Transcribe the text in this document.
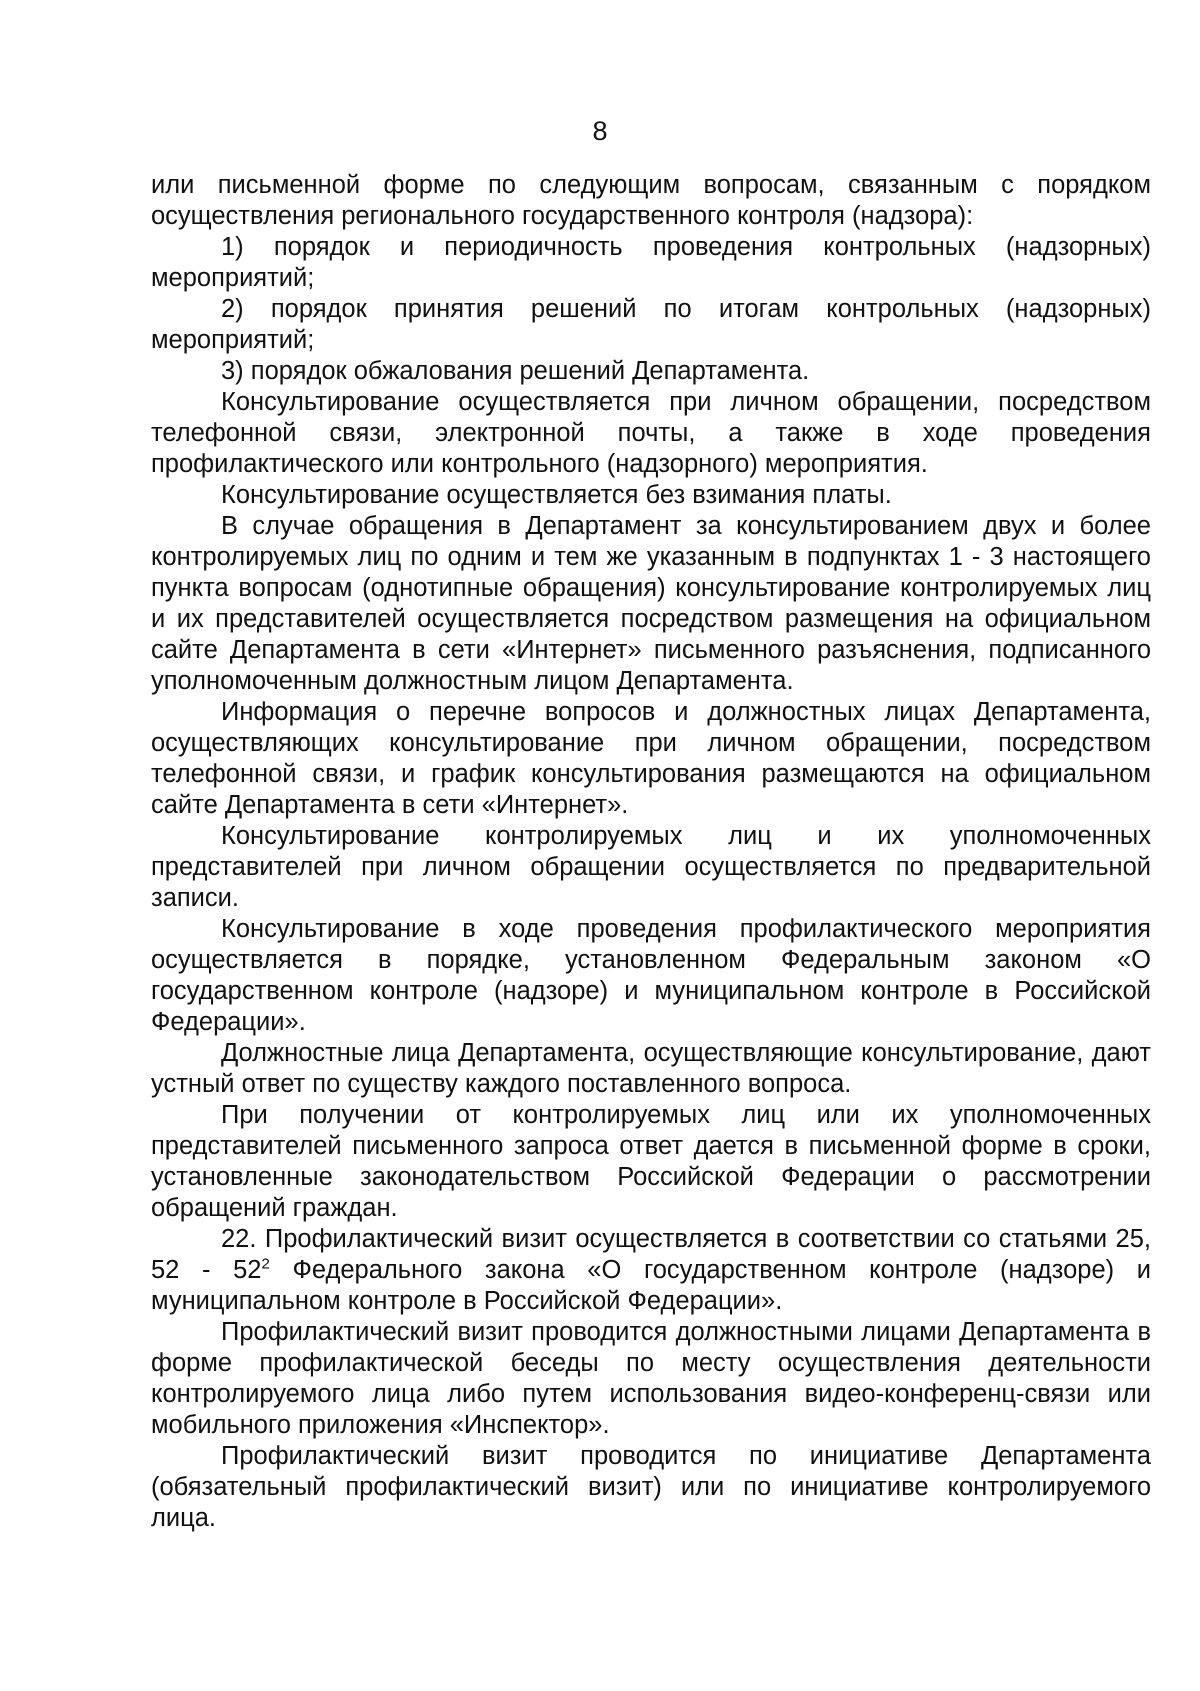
8

или письменной форме по следующим вопросам, связанным с порядком осуществления регионального государственного контроля (надзора):

1) порядок и периодичность проведения контрольных (надзорных) мероприятий;

2) порядок принятия решений по итогам контрольных (надзорных) мероприятий;

3) порядок обжалования решений Департамента.

Консультирование осуществляется при личном обращении, посредством телефонной связи, электронной почты, а также в ходе проведения профилактического или контрольного (надзорного) мероприятия.

Консультирование осуществляется без взимания платы.

В случае обращения в Департамент за консультированием двух и более контролируемых лиц по одним и тем же указанным в подпунктах 1 - 3 настоящего пункта вопросам (однотипные обращения) консультирование контролируемых лиц и их представителей осуществляется посредством размещения на официальном сайте Департамента в сети «Интернет» письменного разъяснения, подписанного уполномоченным должностным лицом Департамента.

Информация о перечне вопросов и должностных лицах Департамента, осуществляющих консультирование при личном обращении, посредством телефонной связи, и график консультирования размещаются на официальном сайте Департамента в сети «Интернет».

Консультирование контролируемых лиц и их уполномоченных представителей при личном обращении осуществляется по предварительной записи.

Консультирование в ходе проведения профилактического мероприятия осуществляется в порядке, установленном Федеральным законом «О государственном контроле (надзоре) и муниципальном контроле в Российской Федерации».

Должностные лица Департамента, осуществляющие консультирование, дают устный ответ по существу каждого поставленного вопроса.

При получении от контролируемых лиц или их уполномоченных представителей письменного запроса ответ дается в письменной форме в сроки, установленные законодательством Российской Федерации о рассмотрении обращений граждан.

22. Профилактический визит осуществляется в соответствии со статьями 25, $52 - 52^2$ Федерального закона «О государственном контроле (надзоре) и муниципальном контроле в Российской Федерации».

Профилактический визит проводится должностными лицами Департамента в форме профилактической беседы по месту осуществления деятельности контролируемого лица либо путем использования видео-конференц-связи или мобильного приложения «Инспектор».

Профилактический визит проводится по инициативе Департамента (обязательный профилактический визит) или по инициативе контролируемого лица.
